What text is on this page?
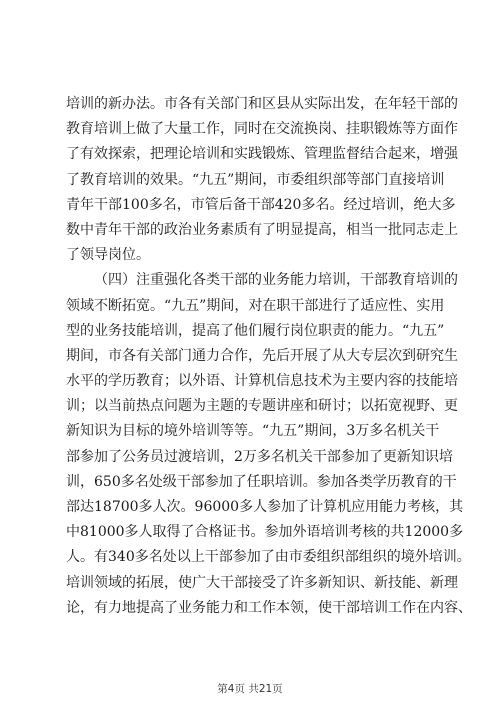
培训的新办法。市各有关部门和区县从实际出发，在年轻干部的
教育培训上做了大量工作，同时在交流换岗、挂职锻炼等方面作
了有效探索，把理论培训和实践锻炼、管理监督结合起来，增强
了教育培训的效果。“九五”期间，市委组织部等部门直接培训
青年干部100多名，市管后备干部420多名。经过培训，绝大多
数中青年干部的政治业务素质有了明显提高，相当一批同志走上
了领导岗位。
（四）注重强化各类干部的业务能力培训，干部教育培训的
领域不断拓宽。“九五”期间，对在职干部进行了适应性、实用
型的业务技能培训，提高了他们履行岗位职责的能力。“九五”
期间，市各有关部门通力合作，先后开展了从大专层次到研究生
水平的学历教育；以外语、计算机信息技术为主要内容的技能培
训；以当前热点问题为主题的专题讲座和研讨；以拓宽视野、更
新知识为目标的境外培训等等。“九五”期间，3万多名机关干
部参加了公务员过渡培训，2万多名机关干部参加了更新知识培
训，650多名处级干部参加了任职培训。参加各类学历教育的干
部达18700多人次。96000多人参加了计算机应用能力考核，其
中81000多人取得了合格证书。参加外语培训考核的共12000多
人。有340多名处以上干部参加了由市委组织部组织的境外培训。
培训领域的拓展，使广大干部接受了许多新知识、新技能、新理
论，有力地提高了业务能力和工作本领，使干部培训工作在内容、
第4页 共21页
